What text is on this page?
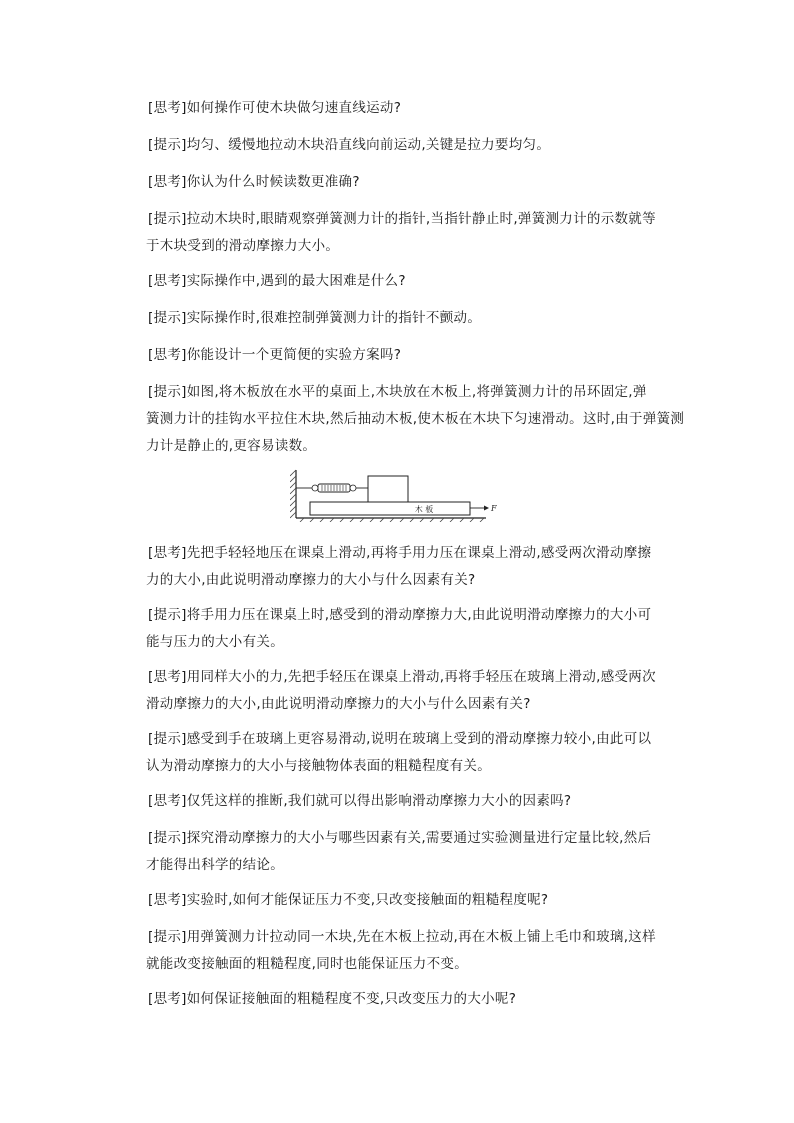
[思考]如何操作可使木块做匀速直线运动?

[提示]均匀、缓慢地拉动木块沿直线向前运动,关键是拉力要均匀。

[思考]你认为什么时候读数更准确?

[提示]拉动木块时,眼睛观察弹簧测力计的指针,当指针静止时,弹簧测力计的示数就等
于木块受到的滑动摩擦力大小。

[思考]实际操作中,遇到的最大困难是什么?

[提示]实际操作时,很难控制弹簧测力计的指针不颤动。

[思考]你能设计一个更简便的实验方案吗?

[提示]如图,将木板放在水平的桌面上,木块放在木板上,将弹簧测力计的吊环固定,弹
簧测力计的挂钩水平拉住木块,然后抽动木板,使木板在木块下匀速滑动。这时,由于弹簧测
力计是静止的,更容易读数。

木 板	F

[思考]先把手轻轻地压在课桌上滑动,再将手用力压在课桌上滑动,感受两次滑动摩擦
力的大小,由此说明滑动摩擦力的大小与什么因素有关?

[提示]将手用力压在课桌上时,感受到的滑动摩擦力大,由此说明滑动摩擦力的大小可
能与压力的大小有关。

[思考]用同样大小的力,先把手轻压在课桌上滑动,再将手轻压在玻璃上滑动,感受两次
滑动摩擦力的大小,由此说明滑动摩擦力的大小与什么因素有关?

[提示]感受到手在玻璃上更容易滑动,说明在玻璃上受到的滑动摩擦力较小,由此可以
认为滑动摩擦力的大小与接触物体表面的粗糙程度有关。

[思考]仅凭这样的推断,我们就可以得出影响滑动摩擦力大小的因素吗?

[提示]探究滑动摩擦力的大小与哪些因素有关,需要通过实验测量进行定量比较,然后
才能得出科学的结论。

[思考]实验时,如何才能保证压力不变,只改变接触面的粗糙程度呢?

[提示]用弹簧测力计拉动同一木块,先在木板上拉动,再在木板上铺上毛巾和玻璃,这样
就能改变接触面的粗糙程度,同时也能保证压力不变。

[思考]如何保证接触面的粗糙程度不变,只改变压力的大小呢?
